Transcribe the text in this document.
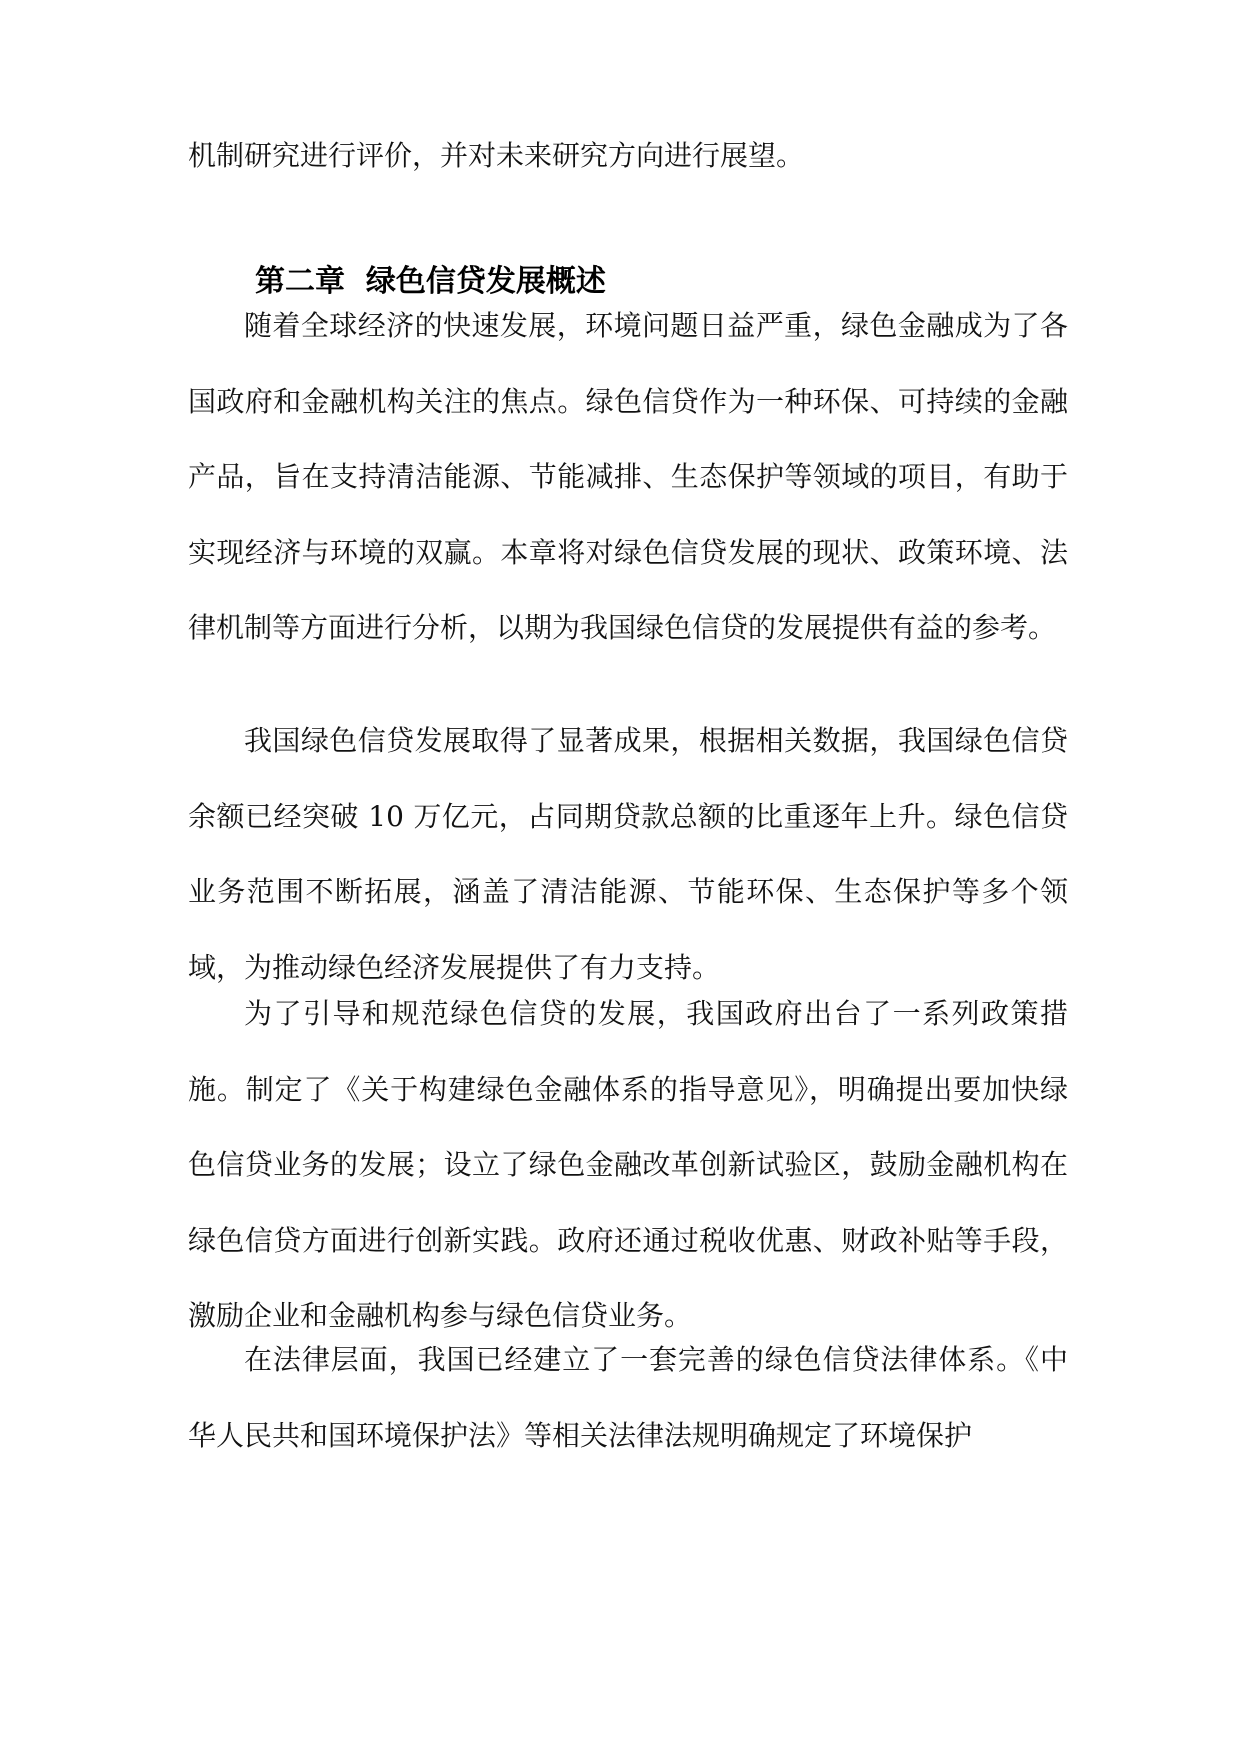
机制研究进行评价，并对未来研究方向进行展望。

第二章  绿色信贷发展概述

随着全球经济的快速发展，环境问题日益严重，绿色金融成为了各国政府和金融机构关注的焦点。绿色信贷作为一种环保、可持续的金融产品，旨在支持清洁能源、节能减排、生态保护等领域的项目，有助于实现经济与环境的双赢。本章将对绿色信贷发展的现状、政策环境、法律机制等方面进行分析，以期为我国绿色信贷的发展提供有益的参考。

我国绿色信贷发展取得了显著成果，根据相关数据，我国绿色信贷余额已经突破 10 万亿元，占同期贷款总额的比重逐年上升。绿色信贷业务范围不断拓展，涵盖了清洁能源、节能环保、生态保护等多个领域，为推动绿色经济发展提供了有力支持。

为了引导和规范绿色信贷的发展，我国政府出台了一系列政策措施。制定了《关于构建绿色金融体系的指导意见》，明确提出要加快绿色信贷业务的发展；设立了绿色金融改革创新试验区，鼓励金融机构在绿色信贷方面进行创新实践。政府还通过税收优惠、财政补贴等手段，激励企业和金融机构参与绿色信贷业务。

在法律层面，我国已经建立了一套完善的绿色信贷法律体系。《中华人民共和国环境保护法》等相关法律法规明确规定了环境保护
